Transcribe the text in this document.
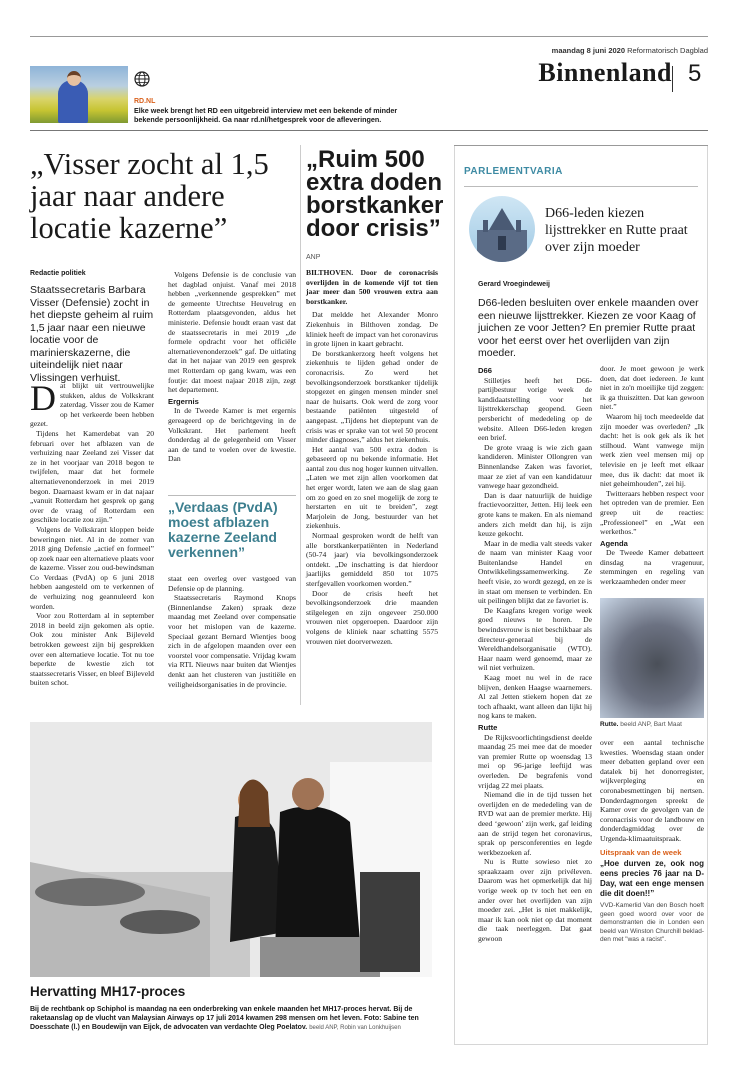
maandag 8 juni 2020 Reformatorisch Dagblad
Binnenland 5
RD.NL
Elke week brengt het RD een uitgebreid interview met een bekende of minder bekende persoonlijkheid. Ga naar rd.nl/hetgesprek voor de afleveringen.
„Visser zocht al 1,5 jaar naar andere locatie kazerne”
Redactie politiek
Staatssecretaris Barbara Visser (Defensie) zocht in het diepste geheim al ruim 1,5 jaar naar een nieuwe locatie voor de marinierskazerne, die uiteindelijk niet naar Vlissingen verhuist.
Dat blijkt uit vertrouwelijke stukken, aldus de Volkskrant zaterdag. Visser zou de Kamer op het verkeerde been hebben gezet.
Tijdens het Kamerdebat van 20 februari over het afblazen van de verhuizing naar Zeeland zei Visser dat ze in het voorjaar van 2018 begon te twijfelen, maar dat het formele alternatievenonderzoek in mei 2019 begon. Daarnaast kwam er in dat najaar „vanuit Rotterdam het gesprek op gang over de vraag of Rotterdam een geschikte locatie zou zijn.”
Volgens de Volkskrant kloppen beide beweringen niet. Al in de zomer van 2018 ging Defensie „actief en formeel” op zoek naar een alternatieve plaats voor de kazerne. Visser zou oud-bewindsman Co Verdaas (PvdA) op 6 juni 2018 hebben aangesteld om te verkennen of de verhuizing nog geannuleerd kon worden.
Voor zou Rotterdam al in september 2018 in beeld zijn gekomen als optie. Ook zou minister Ank Bijleveld betrokken geweest zijn bij gesprekken over een alternatieve locatie. Tot nu toe beperkte de kwestie zich tot staatssecretaris Visser, en bleef Bijleveld buiten schot.
Volgens Defensie is de conclusie van het dagblad onjuist. Vanaf mei 2018 hebben „verkennende gesprekken” met de gemeente Utrechtse Heuvelrug en Rotterdam plaatsgevonden, aldus het ministerie. Defensie houdt eraan vast dat de staatssecretaris in mei 2019 „de formele opdracht voor het officiële alternatievenonderzoek” gaf. De uitlating dat in het najaar van 2019 een gesprek met Rotterdam op gang kwam, was een foutje: dat moest najaar 2018 zijn, zegt het departement.
Ergernis
In de Tweede Kamer is met ergernis gereageerd op de berichtgeving in de Volkskrant. Het parlement heeft donderdag al de gelegenheid om Visser aan de tand te voelen over de kwestie. Dan
„Verdaas (PvdA) moest afblazen kazerne Zeeland verkennen”
staat een overleg over vastgoed van Defensie op de planning.
Staatssecretaris Raymond Knops (Binnenlandse Zaken) spraak deze maandag met Zeeland over compensatie voor het mislopen van de kazerne. Speciaal gezant Bernard Wientjes boog zich in de afgelopen maanden over een voorstel voor compensatie. Vrijdag kwam via RTL Nieuws naar buiten dat Wientjes denkt aan het clusteren van justitiële en veiligheidsorganisaties in de provincie.
„Ruim 500 extra doden borstkanker door crisis”
ANP
BILTHOVEN. Door de coronacrisis overlijden in de komende vijf tot tien jaar meer dan 500 vrouwen extra aan borstkanker.
Dat meldde het Alexander Monro Ziekenhuis in Bilthoven zondag. De kliniek heeft de impact van het coronavirus in grote lijnen in kaart gebracht.
De borstkankerzorg heeft volgens het ziekenhuis te lijden gehad onder de coronacrisis. Zo werd het bevolkingsonderzoek borstkanker tijdelijk stopgezet en gingen mensen minder snel naar de huisarts. Ook werd de zorg voor bestaande patiënten uitgesteld of aangepast. „Tijdens het dieptepunt van de crisis was er sprake van tot wel 50 procent minder diagnoses,” aldus het ziekenhuis.
Het aantal van 500 extra doden is gebaseerd op nu bekende informatie. Het aantal zou dus nog hoger kunnen uitvallen. „Laten we met zijn allen voorkomen dat het erger wordt, laten we aan de slag gaan om zo goed en zo snel mogelijk de zorg te herstarten en uit te breiden”, zegt Marjolein de Jong, bestuurder van het ziekenhuis.
Normaal gesproken wordt de helft van alle borstkankerpatiënten in Nederland (50-74 jaar) via bevolkingsonderzoek ontdekt. „De inschatting is dat hierdoor jaarlijks gemiddeld 850 tot 1075 sterfgevallen voorkomen worden.”
Door de crisis heeft het bevolkingsonderzoek drie maanden stilgelegen en zijn ongeveer 250.000 vrouwen niet opgeroepen. Daardoor zijn volgens de kliniek naar schatting 5575 vrouwen niet doorverwezen.
Hervatting MH17-proces
Bij de rechtbank op Schiphol is maandag na een onderbreking van enkele maanden het MH17-proces hervat. Bij de raketaanslag op de vlucht van Malaysian Airways op 17 juli 2014 kwamen 298 mensen om het leven. Foto: Sabine ten Doesschate (l.) en Boudewijn van Eijck, de advocaten van verdachte Oleg Poelatov. beeld ANP, Robin van Lonkhuijsen
PARLEMENTVARIA
D66-leden kiezen lijsttrekker en Rutte praat over zijn moeder
Gerard Vroegindeweij
D66-leden besluiten over enkele maanden over een nieuwe lijsttrekker. Kiezen ze voor Kaag of juichen ze voor Jetten? En premier Rutte praat voor het eerst over het overlijden van zijn moeder.
D66
Stilletjes heeft het D66-partijbestuur vorige week de kandidaatstelling voor het lijsttrekkerschap geopend. Geen persbericht of mededeling op de website. Alleen D66-leden kregen een brief.
De grote vraag is wie zich gaan kandideren. Minister Ollongren van Binnenlandse Zaken was favoriet, maar ze ziet af van een kandidatuur vanwege haar gezondheid.
Dan is daar natuurlijk de huidige fractievoorzitter, Jetten. Hij leek een grote kans te maken. En als niemand anders zich meldt dan hij, is zijn keuze gekocht.
Maar in de media valt steeds vaker de naam van minister Kaag voor Buitenlandse Handel en Ontwikkelingssamenwerking. Ze heeft visie, zo wordt gezegd, en ze is in staat om mensen te verbinden. En uit peilingen blijkt dat ze favoriet is.
De Kaagfans kregen vorige week goed nieuws te horen. De bewindsvrouw is niet beschikbaar als directeur-generaal bij de Wereldhandelsorganisatie (WTO). Haar naam werd genoemd, maar ze wil niet verhuizen.
Kaag moet nu wel in de race blijven, denken Haagse waarnemers. Al zal Jetten stiekem hopen dat ze toch afhaakt, want alleen dan lijkt hij nog kans te maken.
Rutte
De Rijksvoorlichtingsdienst deelde maandag 25 mei mee dat de moeder van premier Rutte op woensdag 13 mei op 96-jarige leeftijd was overleden. De begrafenis vond vrijdag 22 mei plaats.
Niemand die in de tijd tussen het overlijden en de mededeling van de RVD wat aan de premier merkte. Hij deed ‘gewoon’ zijn werk, gaf leiding aan de strijd tegen het coronavirus, sprak op persconferenties en legde werkbezoeken af.
Nu is Rutte sowieso niet zo spraakzaam over zijn privéleven. Daarom was het opmerkelijk dat hij vorige week op tv toch het een en ander over het overlijden van zijn moeder zei. „Het is niet makkelijk, maar ik kan ook niet op dat moment die taak neerleggen. Dat gaat gewoon
door. Je moet gewoon je werk doen, dat doet iedereen. Je kunt niet in zo'n moeilijke tijd zeggen: ik ga thuiszitten. Dat kan gewoon niet.”
Waarom hij toch meedeelde dat zijn moeder was overleden? „Ik dacht: het is ook gek als ik het stilhoud. Want vanwege mijn werk zien veel mensen mij op televisie en je leeft met elkaar mee, dus ik dacht: dat moet ik niet geheimhouden”, zei hij.
Twitteraars hebben respect voor het optreden van de premier. Een greep uit de reacties: „Professioneel” en „Wat een werkethos.”
Agenda
De Tweede Kamer debatteert dinsdag na vragenuur, stemmingen en regeling van werkzaamheden onder meer
Rutte. beeld ANP, Bart Maat
over een aantal technische kwesties. Woensdag staan onder meer debatten gepland over een datalek bij het donorregister, wijkverpleging en coronabesmettingen bij nertsen. Donderdagmorgen spreekt de Kamer over de gevolgen van de coronacrisis voor de landbouw en donderdagmiddag over de Urgenda-klimaatuitspraak.
Uitspraak van de week
„Hoe durven ze, ook nog eens precies 76 jaar na D-Day, wat een enge mensen die dit doen!!”
VVD-Kamerlid Van den Bosch hoeft geen goed woord over voor de demonstranten die in Londen een beeld van Winston Churchill beklad- den met "was a racist".
